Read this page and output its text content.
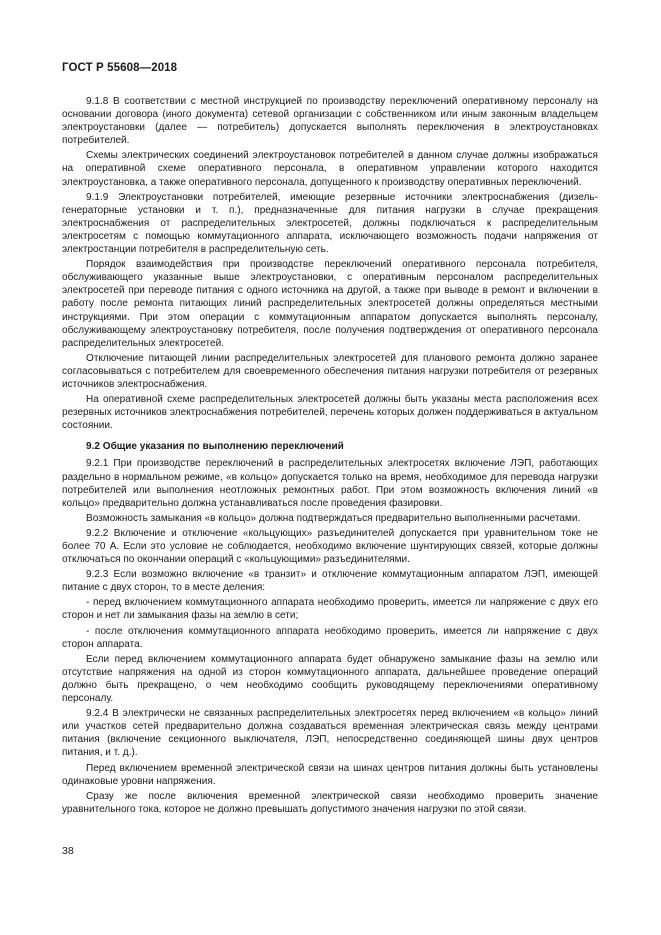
ГОСТ Р 55608—2018

9.1.8 В соответствии с местной инструкцией по производству переключений оперативному персоналу на основании договора (иного документа) сетевой организации с собственником или иным законным владельцем электроустановки (далее — потребитель) допускается выполнять переключения в электроустановках потребителей.

Схемы электрических соединений электроустановок потребителей в данном случае должны изображаться на оперативной схеме оперативного персонала, в оперативном управлении которого находится электроустановка, а также оперативного персонала, допущенного к производству оперативных переключений.

9.1.9 Электроустановки потребителей, имеющие резервные источники электроснабжения (дизель-генераторные установки и т. п.), предназначенные для питания нагрузки в случае прекращения электроснабжения от распределительных электросетей, должны подключаться к распределительным электросетям с помощью коммутационного аппарата, исключающего возможность подачи напряжения от электростанции потребителя в распределительную сеть.

Порядок взаимодействия при производстве переключений оперативного персонала потребителя, обслуживающего указанные выше электроустановки, с оперативным персоналом распределительных электросетей при переводе питания с одного источника на другой, а также при выводе в ремонт и включении в работу после ремонта питающих линий распределительных электросетей должны определяться местными инструкциями. При этом операции с коммутационным аппаратом допускается выполнять персоналу, обслуживающему электроустановку потребителя, после получения подтверждения от оперативного персонала распределительных электросетей.

Отключение питающей линии распределительных электросетей для планового ремонта должно заранее согласовываться с потребителем для своевременного обеспечения питания нагрузки потребителя от резервных источников электроснабжения.

На оперативной схеме распределительных электросетей должны быть указаны места расположения всех резервных источников электроснабжения потребителей, перечень которых должен поддерживаться в актуальном состоянии.

9.2 Общие указания по выполнению переключений

9.2.1 При производстве переключений в распределительных электросетях включение ЛЭП, работающих раздельно в нормальном режиме, «в кольцо» допускается только на время, необходимое для перевода нагрузки потребителей или выполнения неотложных ремонтных работ. При этом возможность включения линий «в кольцо» предварительно должна устанавливаться после проведения фазировки.

Возможность замыкания «в кольцо» должна подтверждаться предварительно выполненными расчетами.

9.2.2 Включение и отключение «кольцующих» разъединителей допускается при уравнительном токе не более 70 А. Если это условие не соблюдается, необходимо включение шунтирующих связей, которые должны отключаться по окончании операций с «кольцующими» разъединителями.

9.2.3 Если возможно включение «в транзит» и отключение коммутационным аппаратом ЛЭП, имеющей питание с двух сторон, то в месте деления:

- перед включением коммутационного аппарата необходимо проверить, имеется ли напряжение с двух его сторон и нет ли замыкания фазы на землю в сети;

- после отключения коммутационного аппарата необходимо проверить, имеется ли напряжение с двух сторон аппарата.

Если перед включением коммутационного аппарата будет обнаружено замыкание фазы на землю или отсутствие напряжения на одной из сторон коммутационного аппарата, дальнейшее проведение операций должно быть прекращено, о чем необходимо сообщить руководящему переключениями оперативному персоналу.

9.2.4 В электрически не связанных распределительных электросетях перед включением «в кольцо» линий или участков сетей предварительно должна создаваться временная электрическая связь между центрами питания (включение секционного выключателя, ЛЭП, непосредственно соединяющей шины двух центров питания, и т. д.).

Перед включением временной электрической связи на шинах центров питания должны быть установлены одинаковые уровни напряжения.

Сразу же после включения временной электрической связи необходимо проверить значение уравнительного тока, которое не должно превышать допустимого значения нагрузки по этой связи.

38
